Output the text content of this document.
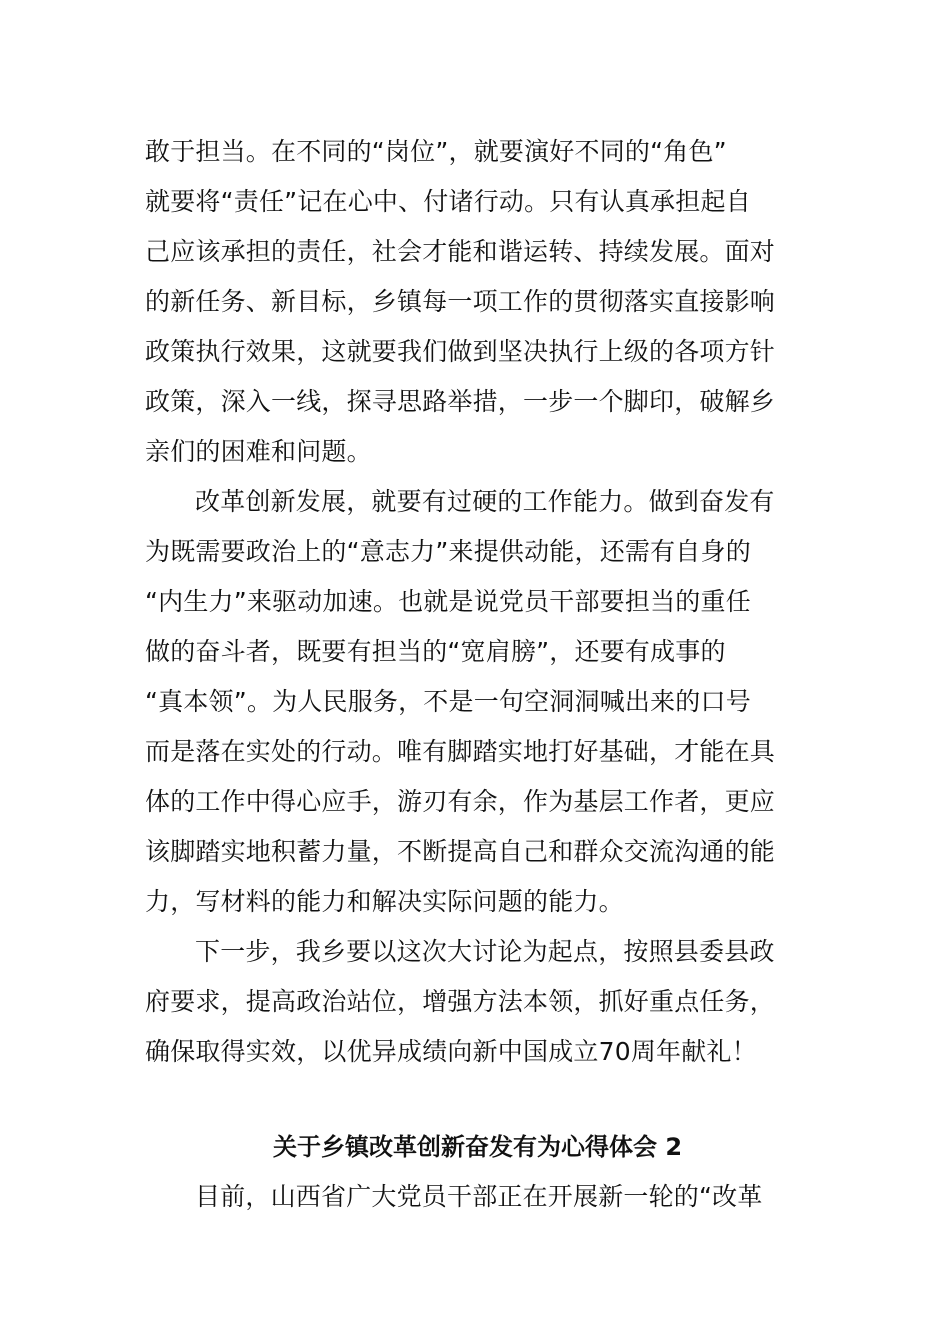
敢于担当。在不同的“岗位”，就要演好不同的“角色”
就要将“责任”记在心中、付诸行动。只有认真承担起自
己应该承担的责任，社会才能和谐运转、持续发展。面对
的新任务、新目标，乡镇每一项工作的贯彻落实直接影响
政策执行效果，这就要我们做到坚决执行上级的各项方针
政策，深入一线，探寻思路举措，一步一个脚印，破解乡
亲们的困难和问题。
改革创新发展，就要有过硬的工作能力。做到奋发有
为既需要政治上的“意志力”来提供动能，还需有自身的
“内生力”来驱动加速。也就是说党员干部要担当的重任
做的奋斗者，既要有担当的“宽肩膀”，还要有成事的
“真本领”。为人民服务，不是一句空洞洞喊出来的口号
而是落在实处的行动。唯有脚踏实地打好基础，才能在具
体的工作中得心应手，游刃有余，作为基层工作者，更应
该脚踏实地积蓄力量，不断提高自己和群众交流沟通的能
力，写材料的能力和解决实际问题的能力。
下一步，我乡要以这次大讨论为起点，按照县委县政
府要求，提高政治站位，增强方法本领，抓好重点任务，
确保取得实效，以优异成绩向新中国成立70周年献礼！
关于乡镇改革创新奋发有为心得体会 2
目前，山西省广大党员干部正在开展新一轮的“改革
